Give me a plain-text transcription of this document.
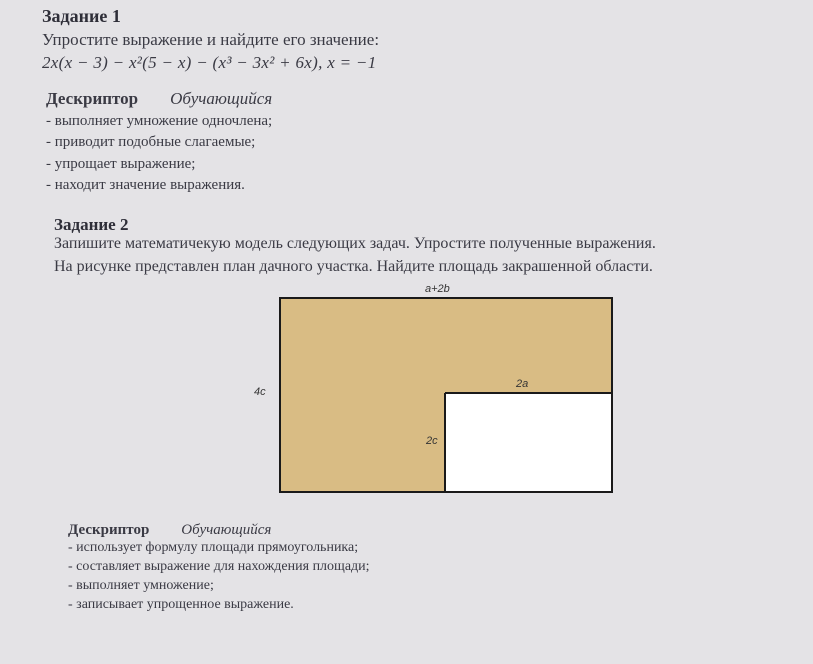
Задание 1
Упростите выражение и найдите его значение:
2x(x − 3) − x²(5 − x) − (x³ − 3x² + 6x), x = −1
Дескриптор Обучающийся
- выполняет умножение одночлена;
- приводит подобные слагаемые;
- упрощает выражение;
- находит значение выражения.
Задание 2
Запишите математичекую модель следующих задач. Упростите полученные выражения.
На рисунке представлен план дачного участка. Найдите площадь закрашенной области.
a+2b
4c
2a
2c
Дескриптор Обучающийся
- использует формулу площади прямоугольника;
- составляет выражение для нахождения площади;
- выполняет умножение;
- записывает упрощенное выражение.
